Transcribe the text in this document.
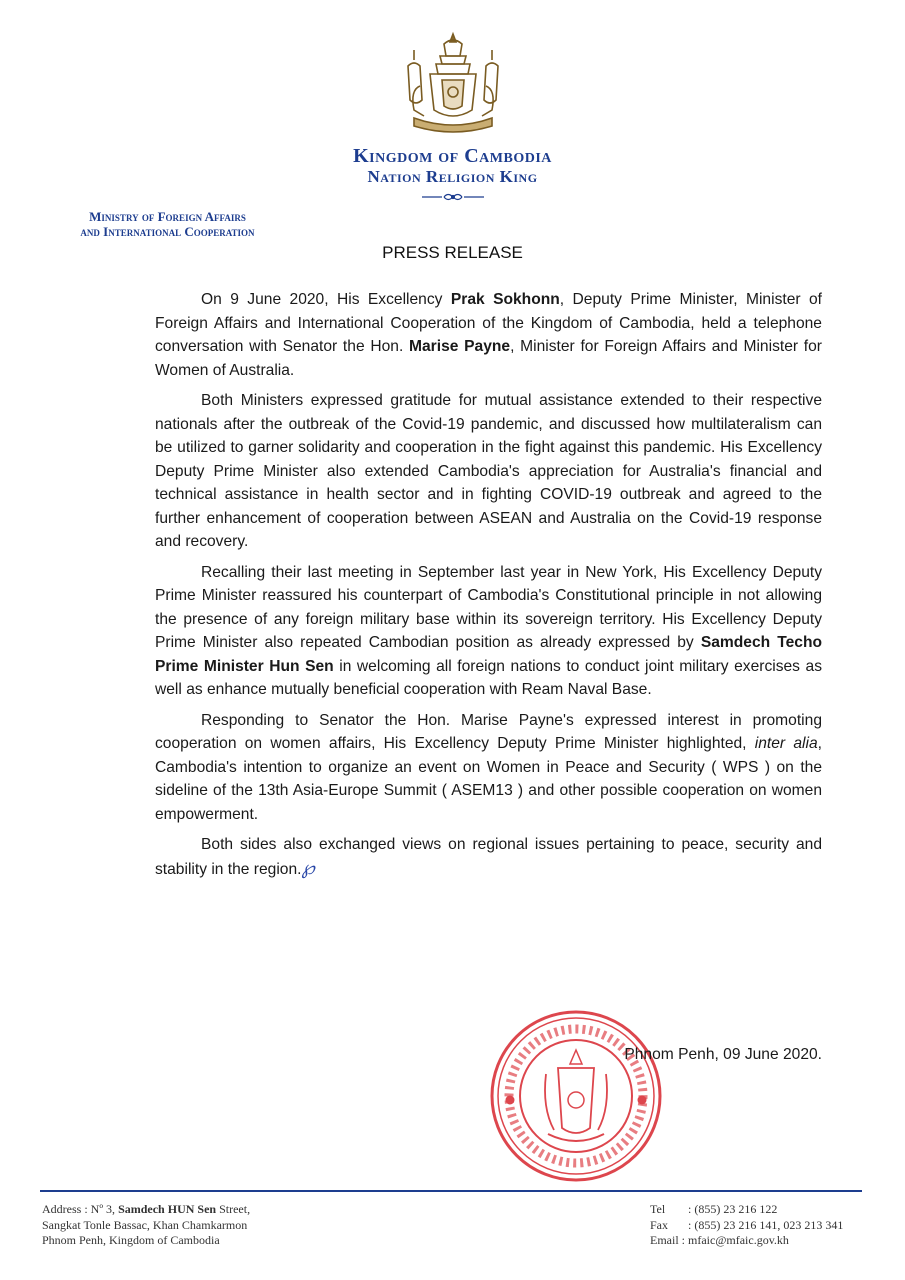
Kingdom of Cambodia
Nation Religion King
Ministry of Foreign Affairs
and International Cooperation
PRESS RELEASE

On 9 June 2020, His Excellency Prak Sokhonn, Deputy Prime Minister, Minister of Foreign Affairs and International Cooperation of the Kingdom of Cambodia, held a telephone conversation with Senator the Hon. Marise Payne, Minister for Foreign Affairs and Minister for Women of Australia.

Both Ministers expressed gratitude for mutual assistance extended to their respective nationals after the outbreak of the Covid-19 pandemic, and discussed how multilateralism can be utilized to garner solidarity and cooperation in the fight against this pandemic. His Excellency Deputy Prime Minister also extended Cambodia's appreciation for Australia's financial and technical assistance in health sector and in fighting COVID-19 outbreak and agreed to the further enhancement of cooperation between ASEAN and Australia on the Covid-19 response and recovery.

Recalling their last meeting in September last year in New York, His Excellency Deputy Prime Minister reassured his counterpart of Cambodia's Constitutional principle in not allowing the presence of any foreign military base within its sovereign territory. His Excellency Deputy Prime Minister also repeated Cambodian position as already expressed by Samdech Techo Prime Minister Hun Sen in welcoming all foreign nations to conduct joint military exercises as well as enhance mutually beneficial cooperation with Ream Naval Base.

Responding to Senator the Hon. Marise Payne's expressed interest in promoting cooperation on women affairs, His Excellency Deputy Prime Minister highlighted, inter alia, Cambodia's intention to organize an event on Women in Peace and Security ( WPS ) on the sideline of the 13th Asia-Europe Summit ( ASEM13 ) and other possible cooperation on women empowerment.

Both sides also exchanged views on regional issues pertaining to peace, security and stability in the region.℘

Phnom Penh, 09 June 2020.
Address : Nº 3, Samdech HUN Sen Street,
Sangkat Tonle Bassac, Khan Chamkarmon
Phnom Penh, Kingdom of Cambodia
Tel : (855) 23 216 122
Fax : (855) 23 216 141, 023 213 341
Email : mfaic@mfaic.gov.kh
